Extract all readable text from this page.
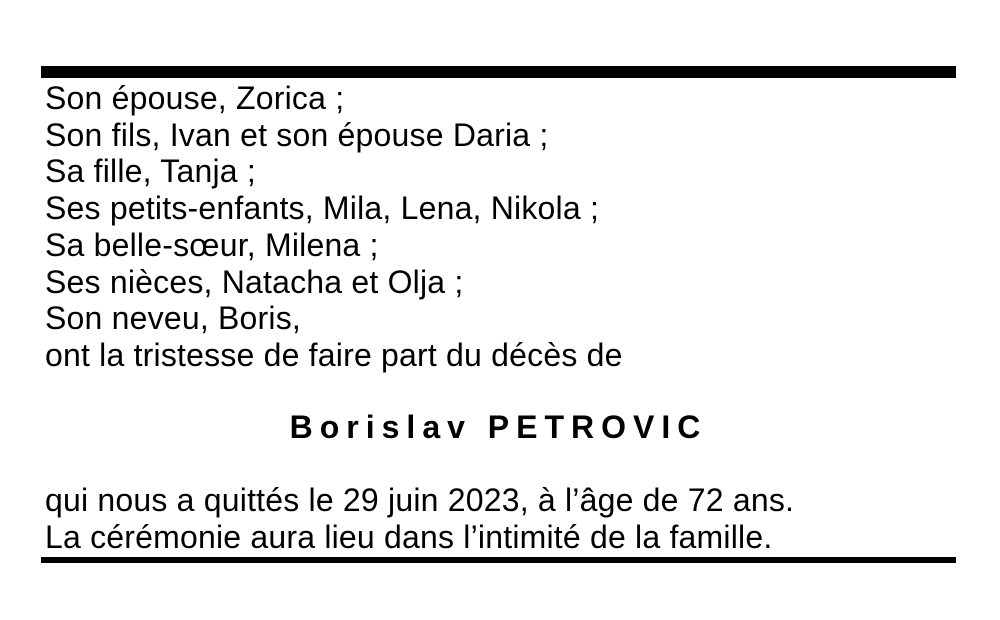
Son épouse, Zorica ;
Son fils, Ivan et son épouse Daria ;
Sa fille, Tanja ;
Ses petits-enfants, Mila, Lena, Nikola ;
Sa belle-sœur, Milena ;
Ses nièces, Natacha et Olja ;
Son neveu, Boris,
ont la tristesse de faire part du décès de
Borislav PETROVIC
qui nous a quittés le 29 juin 2023, à l’âge de 72 ans.
La cérémonie aura lieu dans l’intimité de la famille.
